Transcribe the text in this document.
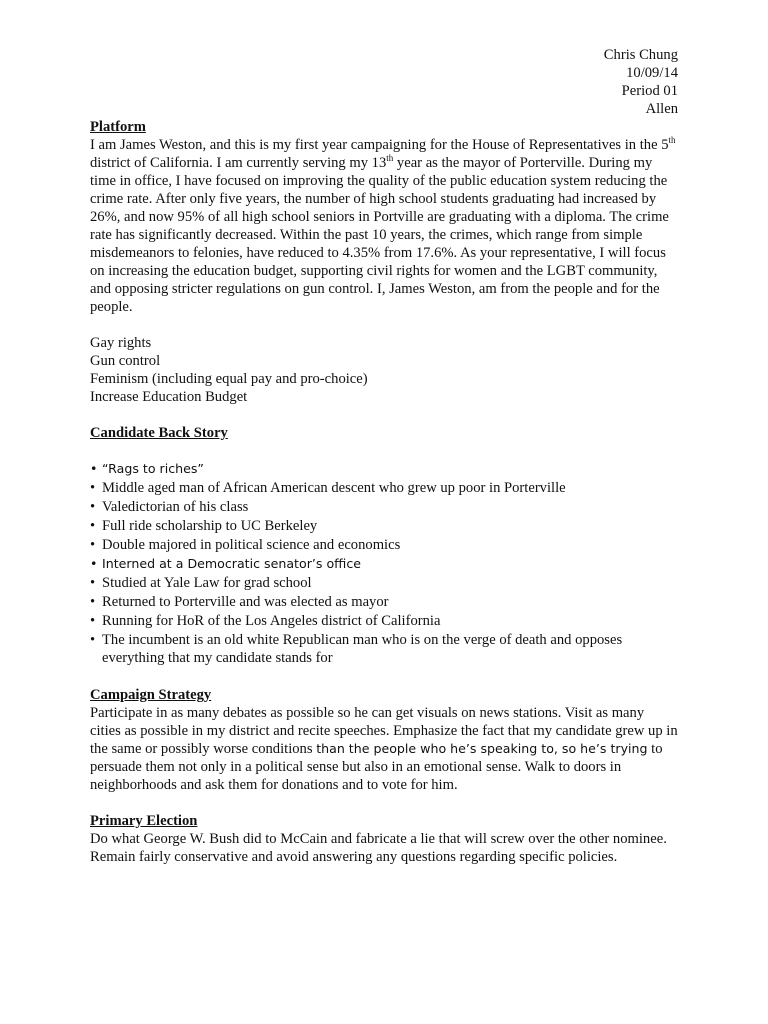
Chris Chung
10/09/14
Period 01
Allen
Platform

I am James Weston, and this is my first year campaigning for the House of Representatives in the 5th district of California. I am currently serving my 13th year as the mayor of Porterville. During my time in office, I have focused on improving the quality of the public education system reducing the crime rate. After only five years, the number of high school students graduating had increased by 26%, and now 95% of all high school seniors in Portville are graduating with a diploma. The crime rate has significantly decreased. Within the past 10 years, the crimes, which range from simple misdemeanors to felonies, have reduced to 4.35% from 17.6%. As your representative, I will focus on increasing the education budget, supporting civil rights for women and the LGBT community, and opposing stricter regulations on gun control. I, James Weston, am from the people and for the people.

Gay rights
Gun control
Feminism (including equal pay and pro-choice)
Increase Education Budget
Candidate Back Story
• “Rags to riches”
• Middle aged man of African American descent who grew up poor in Porterville
• Valedictorian of his class
• Full ride scholarship to UC Berkeley
• Double majored in political science and economics
• Interned at a Democratic senator’s office
• Studied at Yale Law for grad school
• Returned to Porterville and was elected as mayor
• Running for HoR of the Los Angeles district of California
• The incumbent is an old white Republican man who is on the verge of death and opposes everything that my candidate stands for
Campaign Strategy

Participate in as many debates as possible so he can get visuals on news stations. Visit as many cities as possible in my district and recite speeches. Emphasize the fact that my candidate grew up in the same or possibly worse conditions than the people who he’s speaking to, so he’s trying to persuade them not only in a political sense but also in an emotional sense. Walk to doors in neighborhoods and ask them for donations and to vote for him.

Primary Election

Do what George W. Bush did to McCain and fabricate a lie that will screw over the other nominee. Remain fairly conservative and avoid answering any questions regarding specific policies.
